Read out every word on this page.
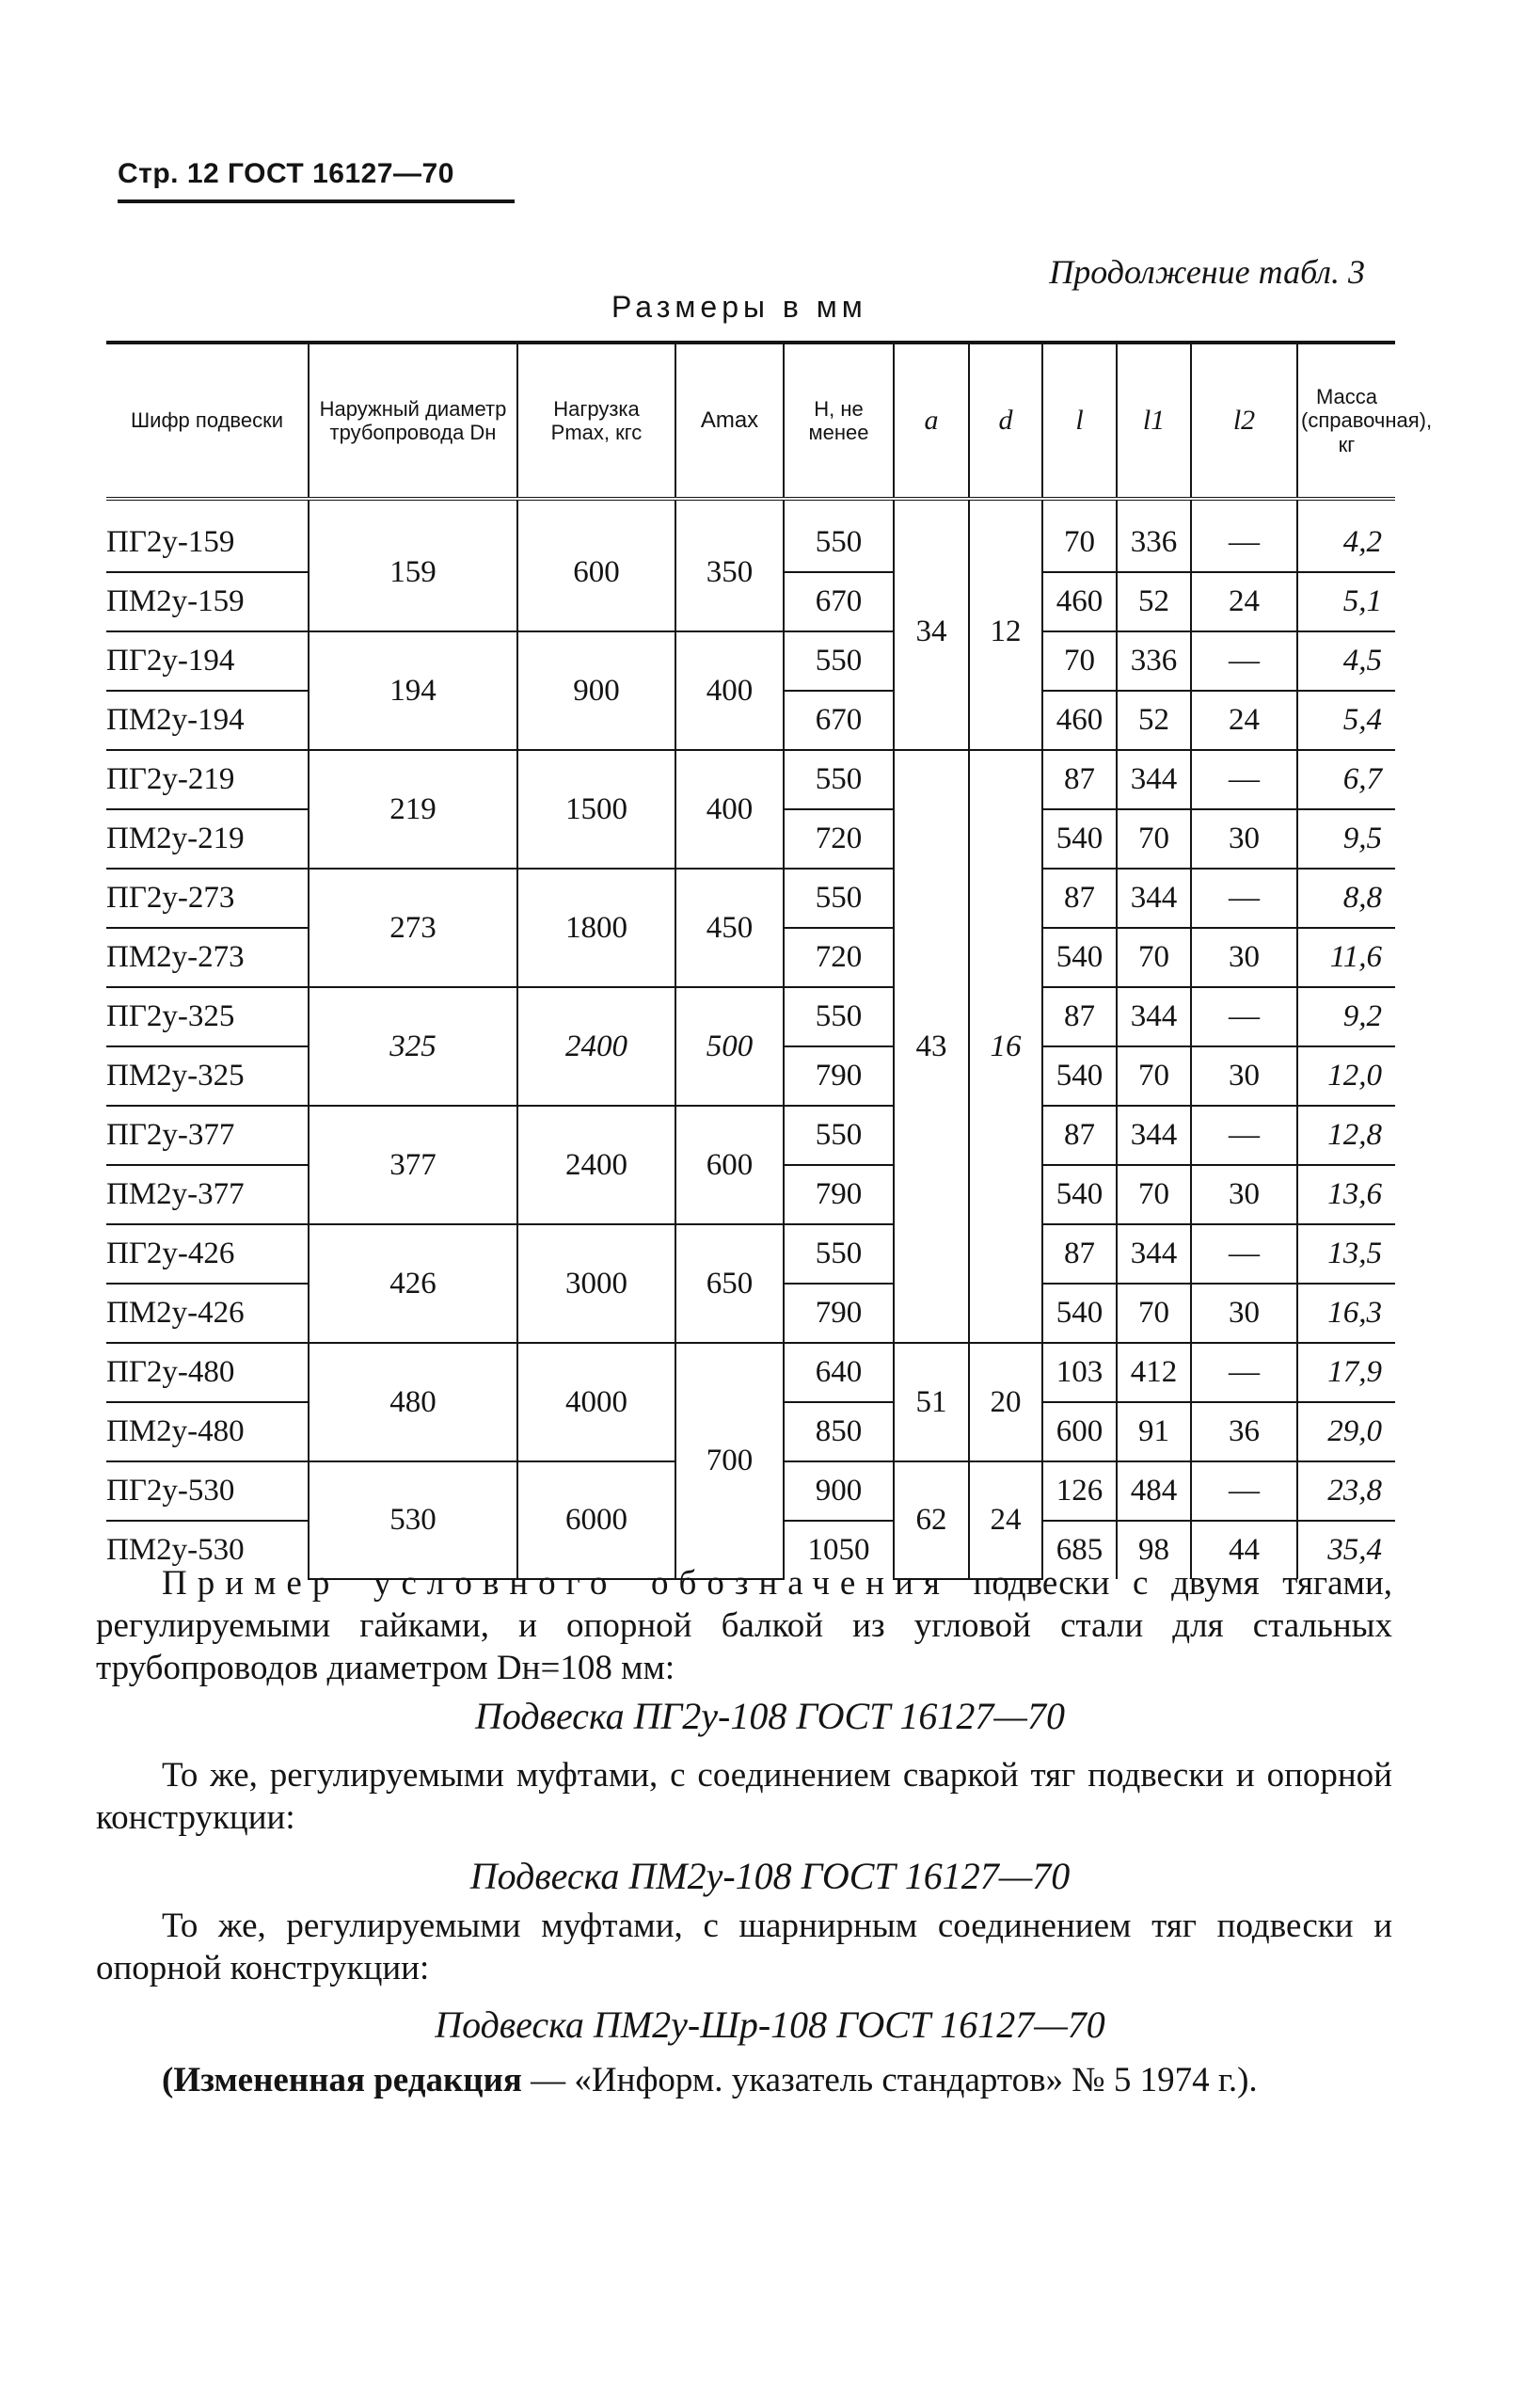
Стр. 12 ГОСТ 16127—70
Продолжение табл. 3
Размеры в мм
Шифр подвески	Наружный диаметр трубопровода Dн	Нагрузка Pmax, кгс	Amax	H, не менее	a	d	l	l1	l2	Масса (справочная), кг
ПГ2у-159	159	600	350	550	34	12	70	336	—	4,2
ПМ2у-159				670			460	52	24	5,1
ПГ2у-194	194	900	400	550			70	336	—	4,5
ПМ2у-194				670			460	52	24	5,4
ПГ2у-219	219	1500	400	550	43	16	87	344	—	6,7
ПМ2у-219				720			540	70	30	9,5
ПГ2у-273	273	1800	450	550			87	344	—	8,8
ПМ2у-273				720			540	70	30	11,6
ПГ2у-325	325	2400	500	550			87	344	—	9,2
ПМ2у-325				790			540	70	30	12,0
ПГ2у-377	377	2400	600	550			87	344	—	12,8
ПМ2у-377				790			540	70	30	13,6
ПГ2у-426	426	3000	650	550			87	344	—	13,5
ПМ2у-426				790			540	70	30	16,3
ПГ2у-480	480	4000	700	640	51	20	103	412	—	17,9
ПМ2у-480				850			600	91	36	29,0
ПГ2у-530	530	6000		900	62	24	126	484	—	23,8
ПМ2у-530				1050			685	98	44	35,4
Пример условного обозначения подвески с двумя тягами, регулируемыми гайками, и опорной балкой из угловой стали для стальных трубопроводов диаметром Dн=108 мм:
Подвеска ПГ2у-108 ГОСТ 16127—70
То же, регулируемыми муфтами, с соединением сваркой тяг подвески и опорной конструкции:
Подвеска ПМ2у-108 ГОСТ 16127—70
То же, регулируемыми муфтами, с шарнирным соединением тяг подвески и опорной конструкции:
Подвеска ПМ2у-Шр-108 ГОСТ 16127—70
(Измененная редакция — «Информ. указатель стандартов» № 5 1974 г.).
